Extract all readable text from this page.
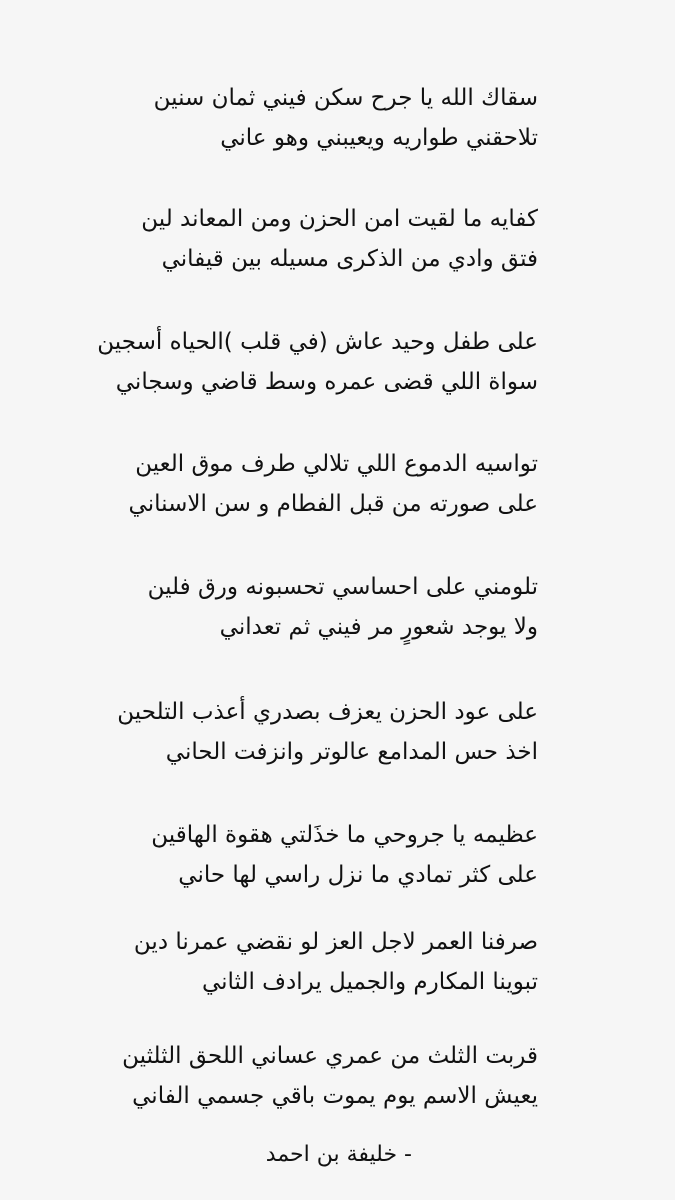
سقاك الله يا جرح سكن فيني ثمان سنين
تلاحقني طواريه ويعيبني وهو عاني
كفايه ما لقيت امن الحزن ومن المعاند لين
فتق وادي من الذكرى مسيله بين قيفاني
على طفل وحيد عاش (في قلب )الحياه أسجين
سواة اللي قضى عمره وسط قاضي وسجاني
تواسيه الدموع اللي تلالي طرف موق العين
على صورته من قبل الفطام و سن الاسناني
تلومني على احساسي تحسبونه ورق فلين
ولا يوجد شعورٍ مر فيني ثم تعداني
على عود الحزن يعزف بصدري أعذب التلحين
اخذ حس المدامع عالوتر وانزفت الحاني
عظيمه يا جروحي ما خذَلتي هقوة الهاقين
على كثر تمادي ما نزل راسي لها حاني
صرفنا العمر لاجل العز لو نقضي عمرنا دين
تبوينا المكارم والجميل يرادف الثاني
قربت الثلث من عمري عساني اللحق الثلثين
يعيش الاسم يوم يموت باقي جسمي الفاني
- خليفة بن احمد
